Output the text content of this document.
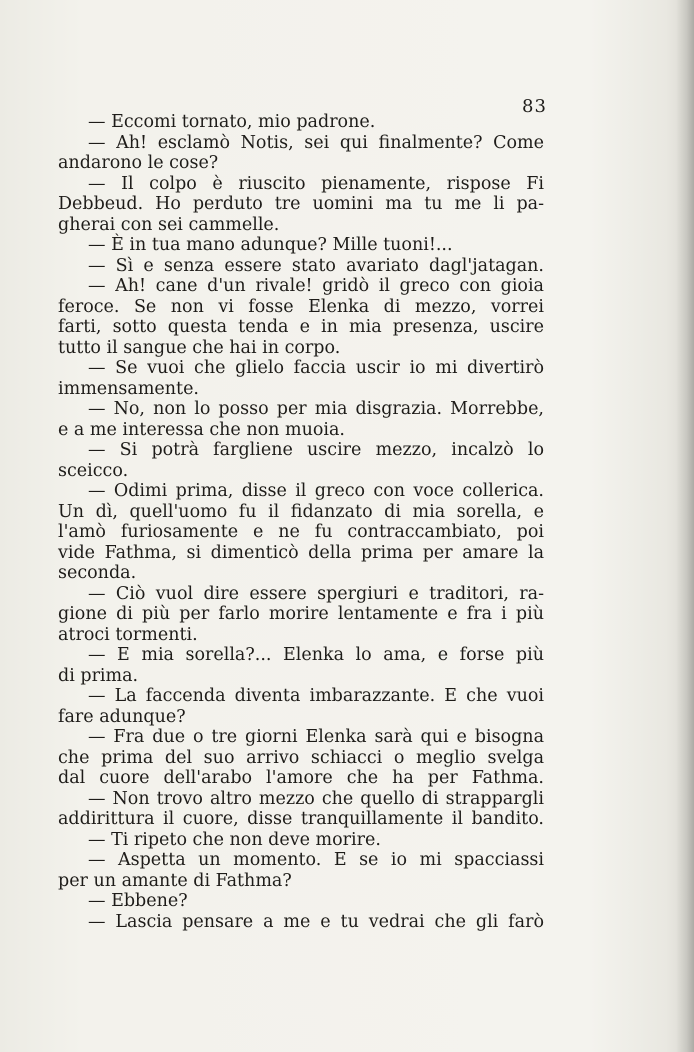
83
— Eccomi tornato, mio padrone.
— Ah! esclamò Notis, sei qui finalmente? Come
andarono le cose?
— Il colpo è riuscito pienamente, rispose Fi
Debbeud. Ho perduto tre uomini ma tu me li pa-
gherai con sei cammelle.
— È in tua mano adunque? Mille tuoni!...
— Sì e senza essere stato avariato dagl'jatagan.
— Ah! cane d'un rivale! gridò il greco con gioia
feroce. Se non vi fosse Elenka di mezzo, vorrei
farti, sotto questa tenda e in mia presenza, uscire
tutto il sangue che hai in corpo.
— Se vuoi che glielo faccia uscir io mi divertirò
immensamente.
— No, non lo posso per mia disgrazia. Morrebbe,
e a me interessa che non muoia.
— Si potrà fargliene uscire mezzo, incalzò lo
sceicco.
— Odimi prima, disse il greco con voce collerica.
Un dì, quell'uomo fu il fidanzato di mia sorella, e
l'amò furiosamente e ne fu contraccambiato, poi
vide Fathma, si dimenticò della prima per amare la
seconda.
— Ciò vuol dire essere spergiuri e traditori, ra-
gione di più per farlo morire lentamente e fra i più
atroci tormenti.
— E mia sorella?... Elenka lo ama, e forse più
di prima.
— La faccenda diventa imbarazzante. E che vuoi
fare adunque?
— Fra due o tre giorni Elenka sarà qui e bisogna
che prima del suo arrivo schiacci o meglio svelga
dal cuore dell'arabo l'amore che ha per Fathma.
— Non trovo altro mezzo che quello di strappargli
addirittura il cuore, disse tranquillamente il bandito.
— Ti ripeto che non deve morire.
— Aspetta un momento. E se io mi spacciassi
per un amante di Fathma?
— Ebbene?
— Lascia pensare a me e tu vedrai che gli farò
